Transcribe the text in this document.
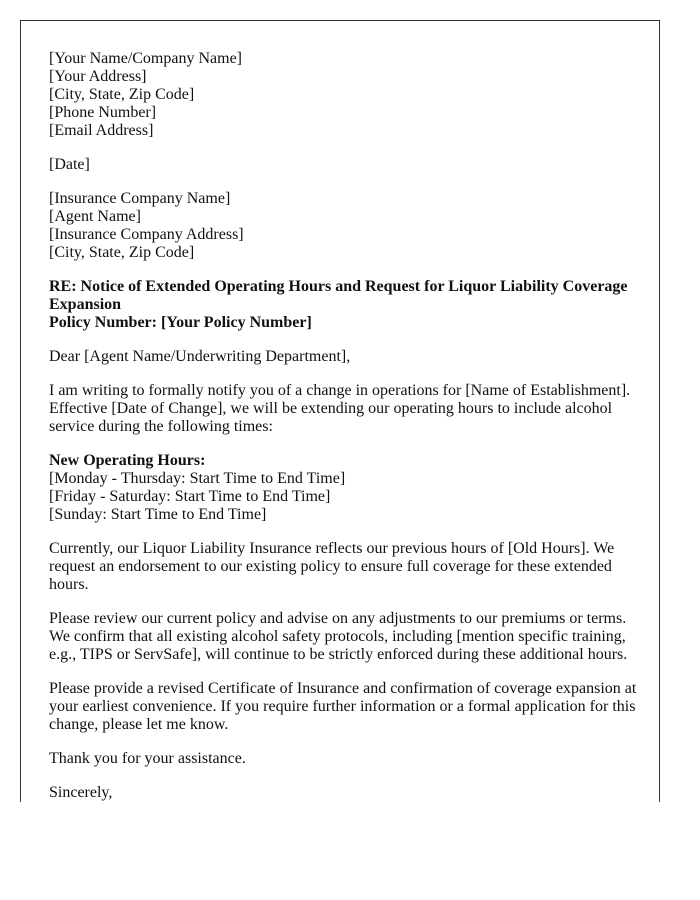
[Your Name/Company Name]
[Your Address]
[City, State, Zip Code]
[Phone Number]
[Email Address]
[Date]
[Insurance Company Name]
[Agent Name]
[Insurance Company Address]
[City, State, Zip Code]
RE: Notice of Extended Operating Hours and Request for Liquor Liability Coverage
Expansion
Policy Number: [Your Policy Number]

Dear [Agent Name/Underwriting Department],

I am writing to formally notify you of a change in operations for [Name of Establishment]. Effective [Date of Change], we will be extending our operating hours to include alcohol service during the following times:

New Operating Hours:
[Monday - Thursday: Start Time to End Time]
[Friday - Saturday: Start Time to End Time]
[Sunday: Start Time to End Time]

Currently, our Liquor Liability Insurance reflects our previous hours of [Old Hours]. We request an endorsement to our existing policy to ensure full coverage for these extended hours.

Please review our current policy and advise on any adjustments to our premiums or terms. We confirm that all existing alcohol safety protocols, including [mention specific training, e.g., TIPS or ServSafe], will continue to be strictly enforced during these additional hours.

Please provide a revised Certificate of Insurance and confirmation of coverage expansion at your earliest convenience. If you require further information or a formal application for this change, please let me know.

Thank you for your assistance.

Sincerely,
